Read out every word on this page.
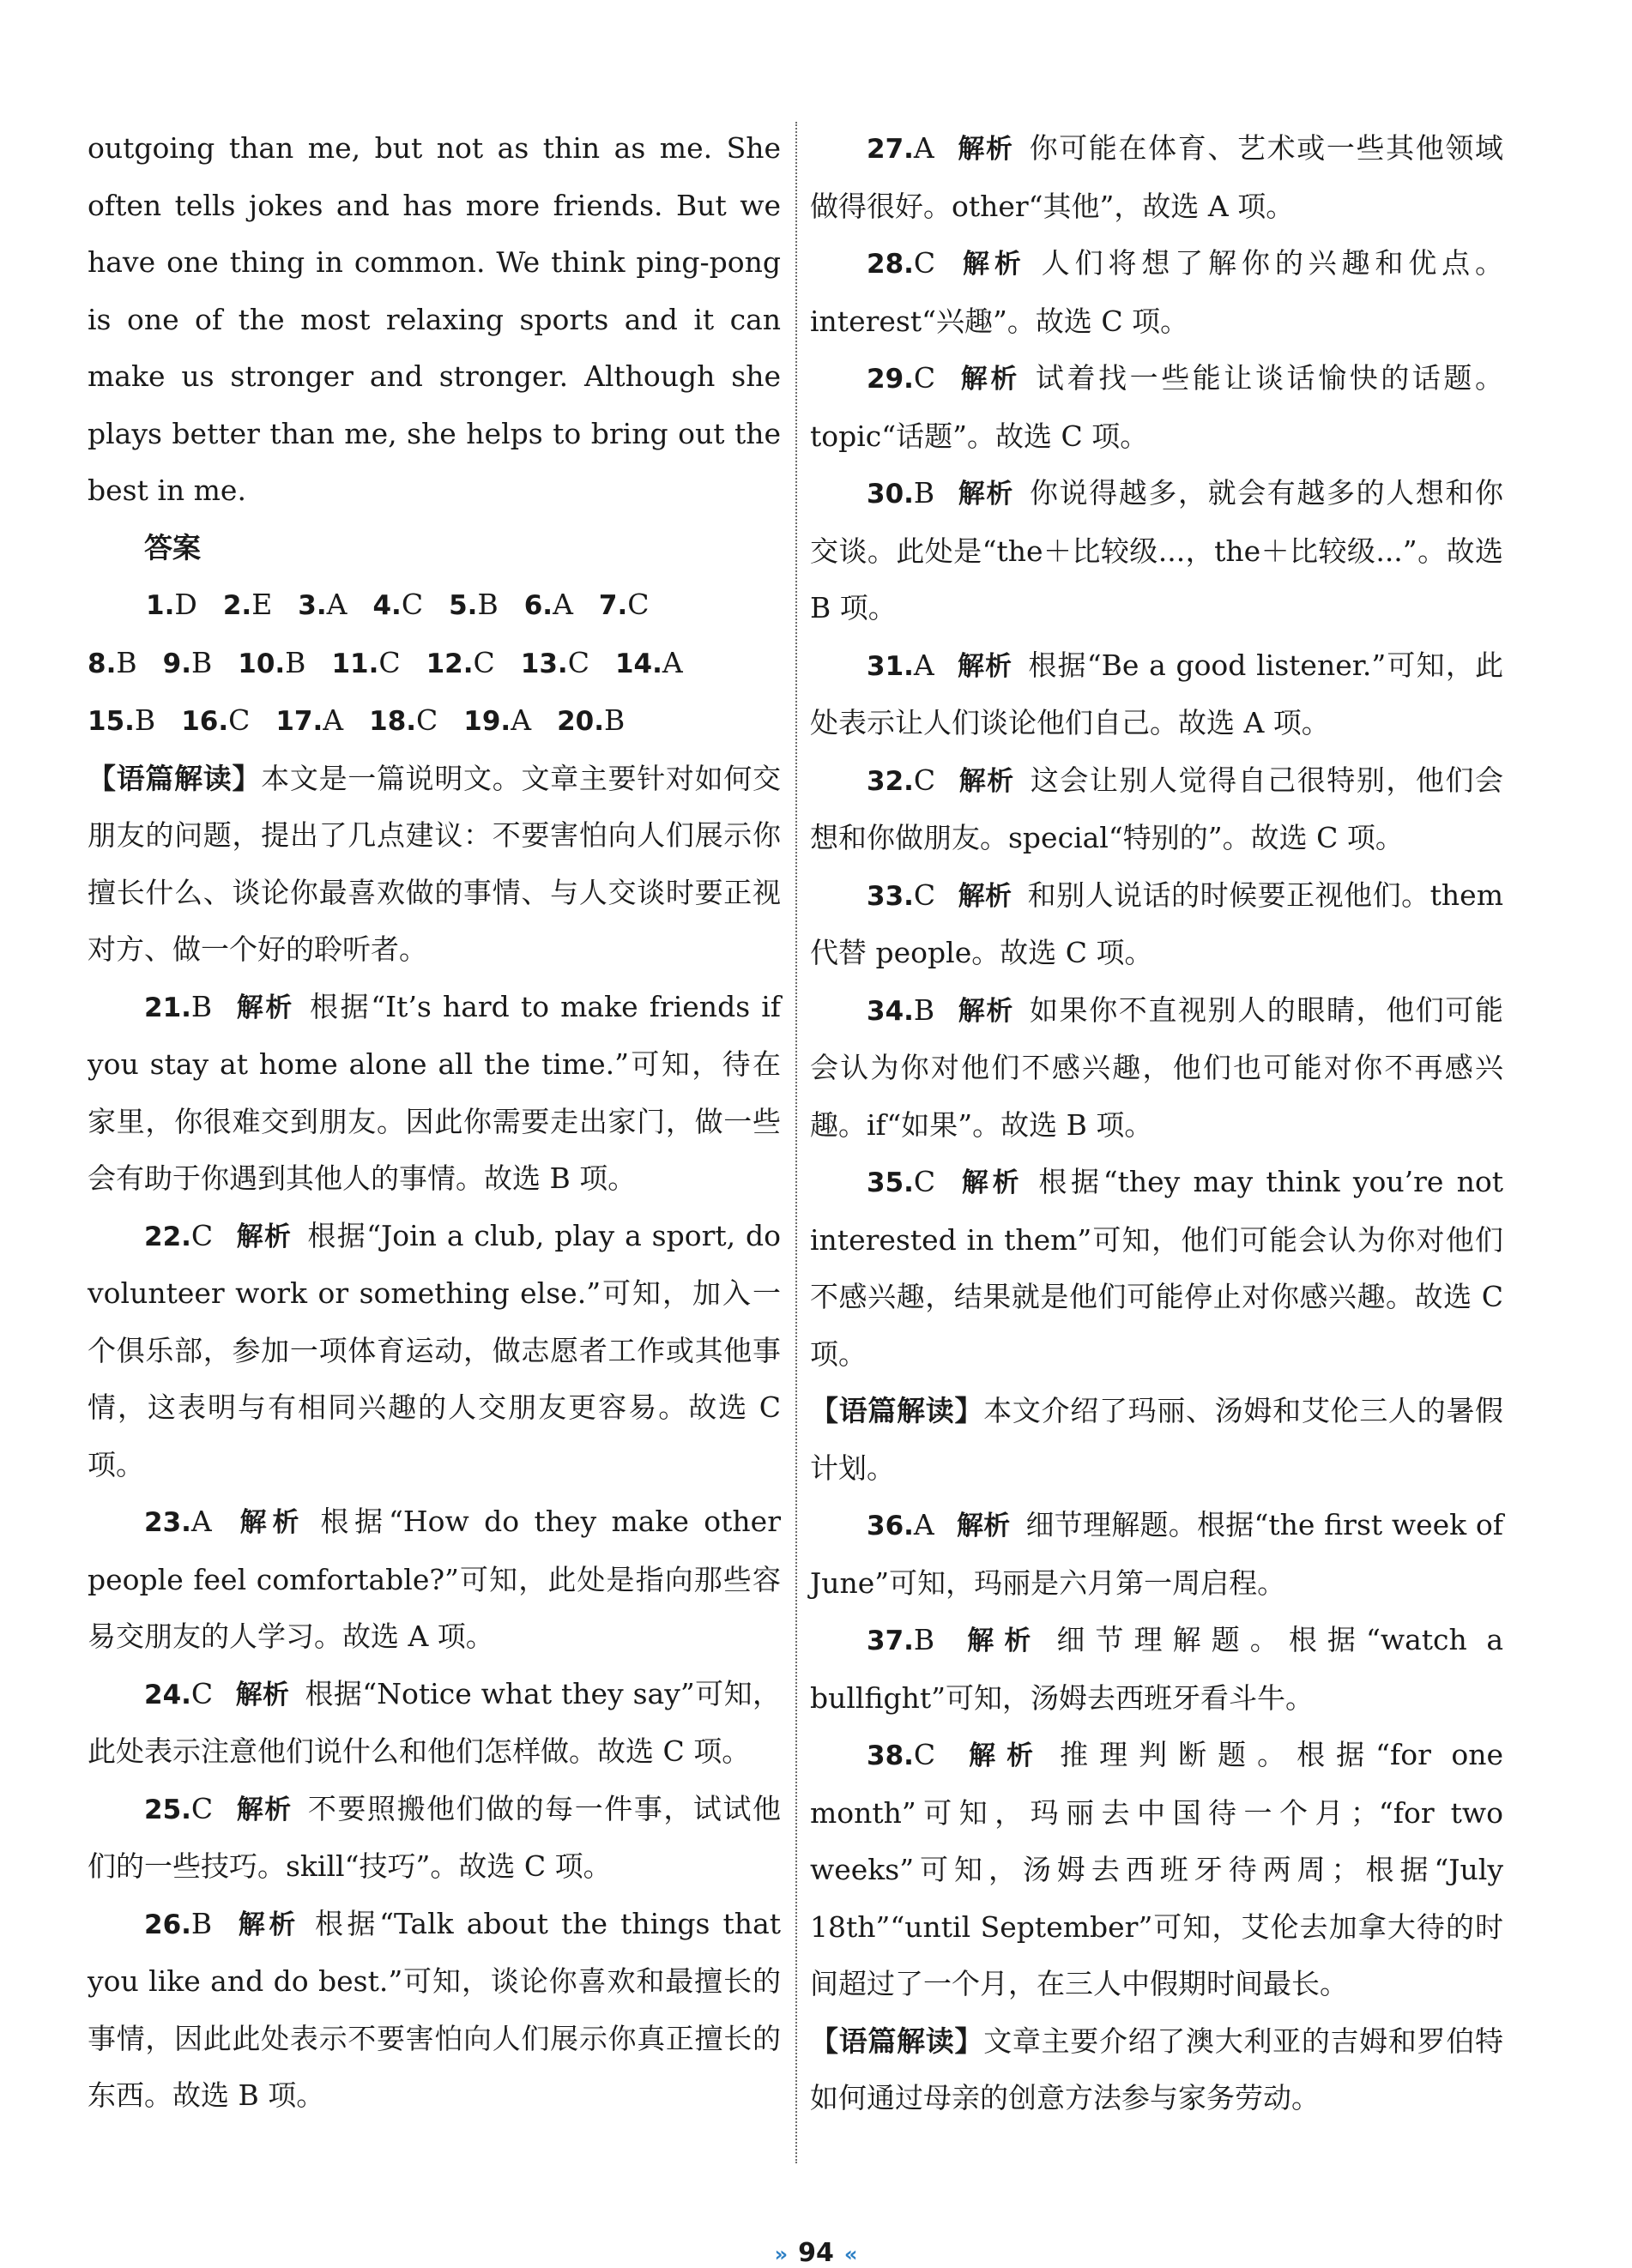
outgoing than me, but not as thin as me. She often tells jokes and has more friends. But we have one thing in common. We think ping-pong is one of the most relaxing sports and it can make us stronger and stronger. Although she plays better than me, she helps to bring out the best in me.

答案

1.D 2.E 3.A 4.C 5.B 6.A 7.C
8.B 9.B 10.B 11.C 12.C 13.C 14.A
15.B 16.C 17.A 18.C 19.A 20.B

【语篇解读】本文是一篇说明文。文章主要针对如何交朋友的问题，提出了几点建议：不要害怕向人们展示你擅长什么、谈论你最喜欢做的事情、与人交谈时要正视对方、做一个好的聆听者。

21.B 解析 根据“It’s hard to make friends if you stay at home alone all the time.”可知，待在家里，你很难交到朋友。因此你需要走出家门，做一些会有助于你遇到其他人的事情。故选 B 项。

22.C 解析 根据“Join a club, play a sport, do volunteer work or something else.”可知，加入一个俱乐部，参加一项体育运动，做志愿者工作或其他事情，这表明与有相同兴趣的人交朋友更容易。故选 C 项。

23.A 解析 根据“How do they make other people feel comfortable?”可知，此处是指向那些容易交朋友的人学习。故选 A 项。

24.C 解析 根据“Notice what they say”可知，此处表示注意他们说什么和他们怎样做。故选 C 项。

25.C 解析 不要照搬他们做的每一件事，试试他们的一些技巧。skill“技巧”。故选 C 项。

26.B 解析 根据“Talk about the things that you like and do best.”可知，谈论你喜欢和最擅长的事情，因此此处表示不要害怕向人们展示你真正擅长的东西。故选 B 项。

27.A 解析 你可能在体育、艺术或一些其他领域做得很好。other“其他”，故选 A 项。

28.C 解析 人们将想了解你的兴趣和优点。interest“兴趣”。故选 C 项。

29.C 解析 试着找一些能让谈话愉快的话题。topic“话题”。故选 C 项。

30.B 解析 你说得越多，就会有越多的人想和你交谈。此处是“the＋比较级...，the＋比较级...”。故选 B 项。

31.A 解析 根据“Be a good listener.”可知，此处表示让人们谈论他们自己。故选 A 项。

32.C 解析 这会让别人觉得自己很特别，他们会想和你做朋友。special“特别的”。故选 C 项。

33.C 解析 和别人说话的时候要正视他们。them 代替 people。故选 C 项。

34.B 解析 如果你不直视别人的眼睛，他们可能会认为你对他们不感兴趣，他们也可能对你不再感兴趣。if“如果”。故选 B 项。

35.C 解析 根据“they may think you’re not interested in them”可知，他们可能会认为你对他们不感兴趣，结果就是他们可能停止对你感兴趣。故选 C 项。

【语篇解读】本文介绍了玛丽、汤姆和艾伦三人的暑假计划。

36.A 解析 细节理解题。根据“the first week of June”可知，玛丽是六月第一周启程。

37.B 解析 细节理解题。根据“watch a bullfight”可知，汤姆去西班牙看斗牛。

38.C 解析 推理判断题。根据“for one month”可知，玛丽去中国待一个月；“for two weeks”可知，汤姆去西班牙待两周；根据“July 18th”“until September”可知，艾伦去加拿大待的时间超过了一个月，在三人中假期时间最长。

【语篇解读】文章主要介绍了澳大利亚的吉姆和罗伯特如何通过母亲的创意方法参与家务劳动。

» 94 «
